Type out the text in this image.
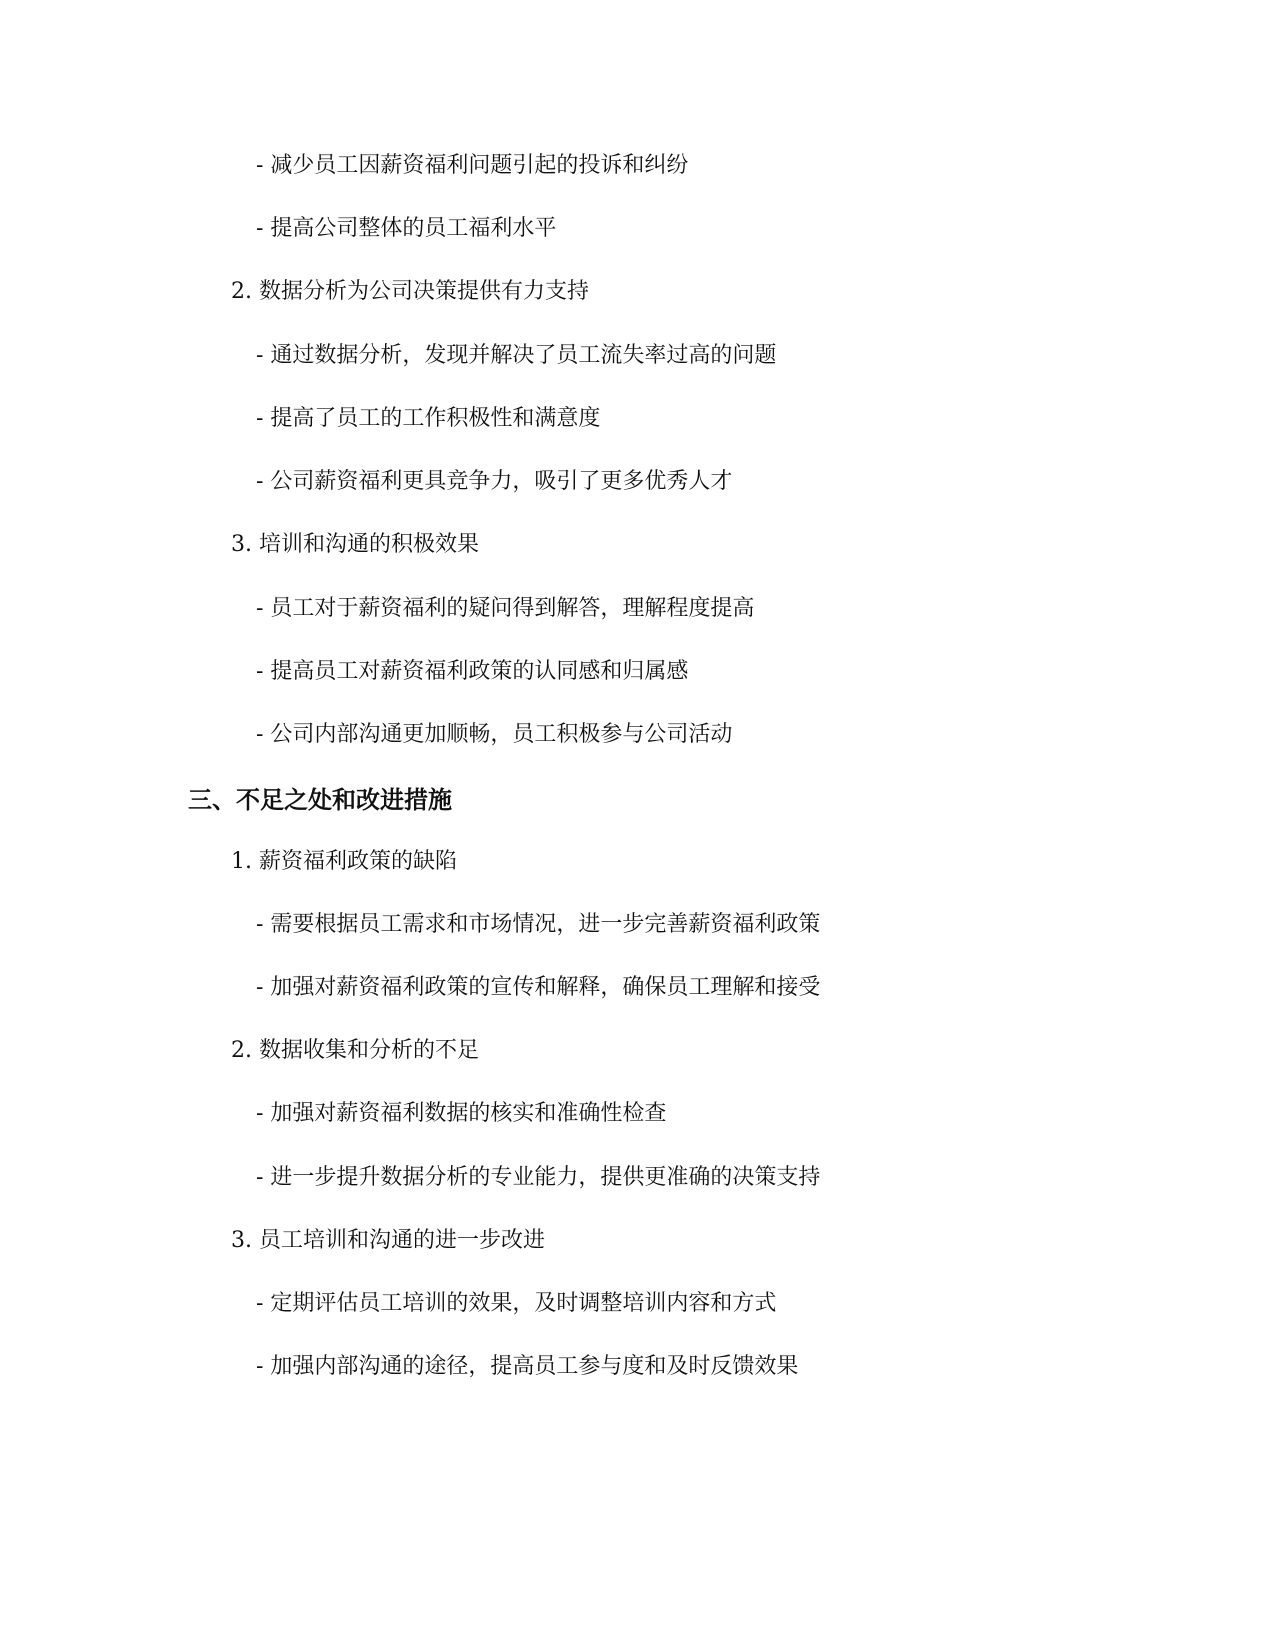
- 减少员工因薪资福利问题引起的投诉和纠纷
- 提高公司整体的员工福利水平
2. 数据分析为公司决策提供有力支持
- 通过数据分析，发现并解决了员工流失率过高的问题
- 提高了员工的工作积极性和满意度
- 公司薪资福利更具竞争力，吸引了更多优秀人才
3. 培训和沟通的积极效果
- 员工对于薪资福利的疑问得到解答，理解程度提高
- 提高员工对薪资福利政策的认同感和归属感
- 公司内部沟通更加顺畅，员工积极参与公司活动
三、不足之处和改进措施
1. 薪资福利政策的缺陷
- 需要根据员工需求和市场情况，进一步完善薪资福利政策
- 加强对薪资福利政策的宣传和解释，确保员工理解和接受
2. 数据收集和分析的不足
- 加强对薪资福利数据的核实和准确性检查
- 进一步提升数据分析的专业能力，提供更准确的决策支持
3. 员工培训和沟通的进一步改进
- 定期评估员工培训的效果，及时调整培训内容和方式
- 加强内部沟通的途径，提高员工参与度和及时反馈效果
